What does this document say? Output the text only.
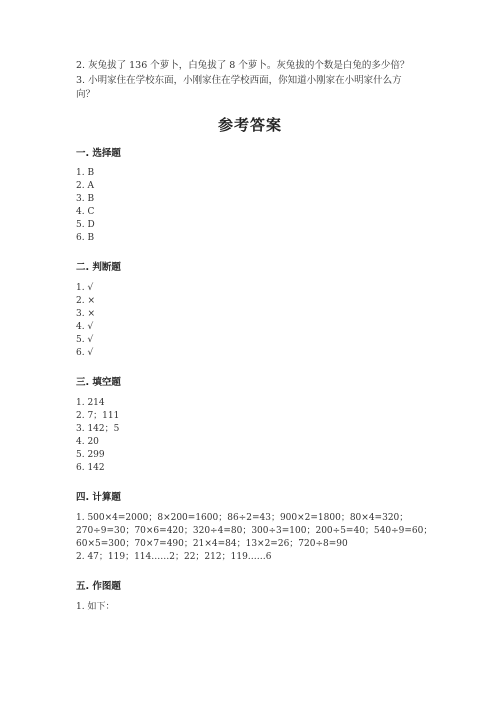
2. 灰兔拔了 136 个萝卜，白兔拔了 8 个萝卜。灰兔拔的个数是白兔的多少倍？
3. 小明家住在学校东面，小刚家住在学校西面，你知道小刚家在小明家什么方
向？
参考答案
一. 选择题
1. B
2. A
3. B
4. C
5. D
6. B
二. 判断题
1. √
2. ×
3. ×
4. √
5. √
6. √
三. 填空题
1. 214
2. 7；111
3. 142；5
4. 20
5. 299
6. 142
四. 计算题
1. 500×4=2000；8×200=1600；86÷2=43；900×2=1800；80×4=320；
270÷9=30；70×6=420；320÷4=80；300÷3=100；200÷5=40；540÷9=60；
60×5=300；70×7=490；21×4=84；13×2=26；720÷8=90
2. 47；119；114……2；22；212；119……6
五. 作图题
1. 如下：
